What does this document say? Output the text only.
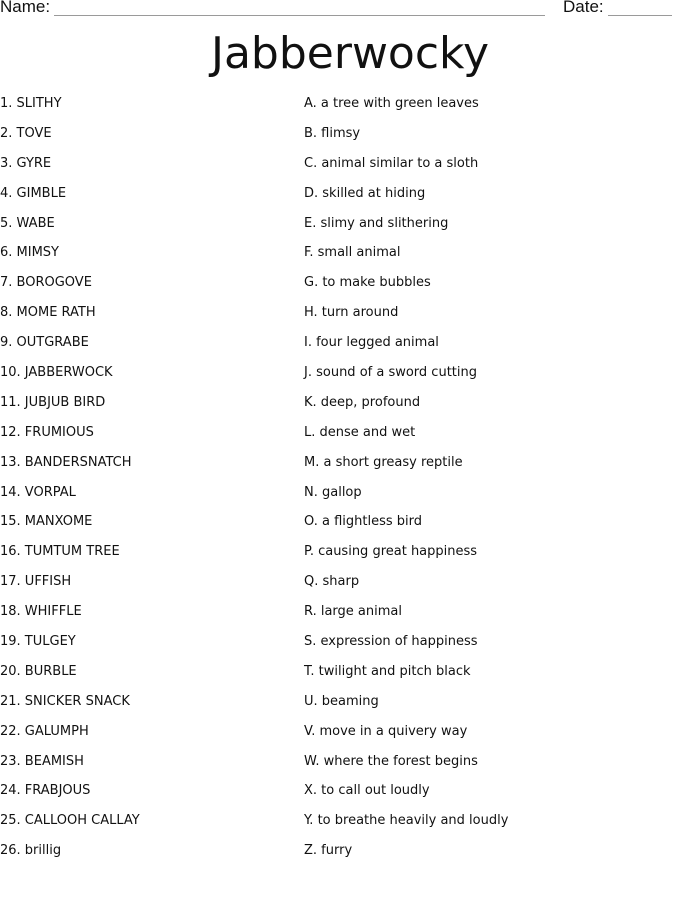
Name:	Date:
Jabberwocky
1. SLITHY
2. TOVE
3. GYRE
4. GIMBLE
5. WABE
6. MIMSY
7. BOROGOVE
8. MOME RATH
9. OUTGRABE
10. JABBERWOCK
11. JUBJUB BIRD
12. FRUMIOUS
13. BANDERSNATCH
14. VORPAL
15. MANXOME
16. TUMTUM TREE
17. UFFISH
18. WHIFFLE
19. TULGEY
20. BURBLE
21. SNICKER SNACK
22. GALUMPH
23. BEAMISH
24. FRABJOUS
25. CALLOOH CALLAY
26. brillig
A. a tree with green leaves
B. flimsy
C. animal similar to a sloth
D. skilled at hiding
E. slimy and slithering
F. small animal
G. to make bubbles
H. turn around
I. four legged animal
J. sound of a sword cutting
K. deep, profound
L. dense and wet
M. a short greasy reptile
N. gallop
O. a flightless bird
P. causing great happiness
Q. sharp
R. large animal
S. expression of happiness
T. twilight and pitch black
U. beaming
V. move in a quivery way
W. where the forest begins
X. to call out loudly
Y. to breathe heavily and loudly
Z. furry
